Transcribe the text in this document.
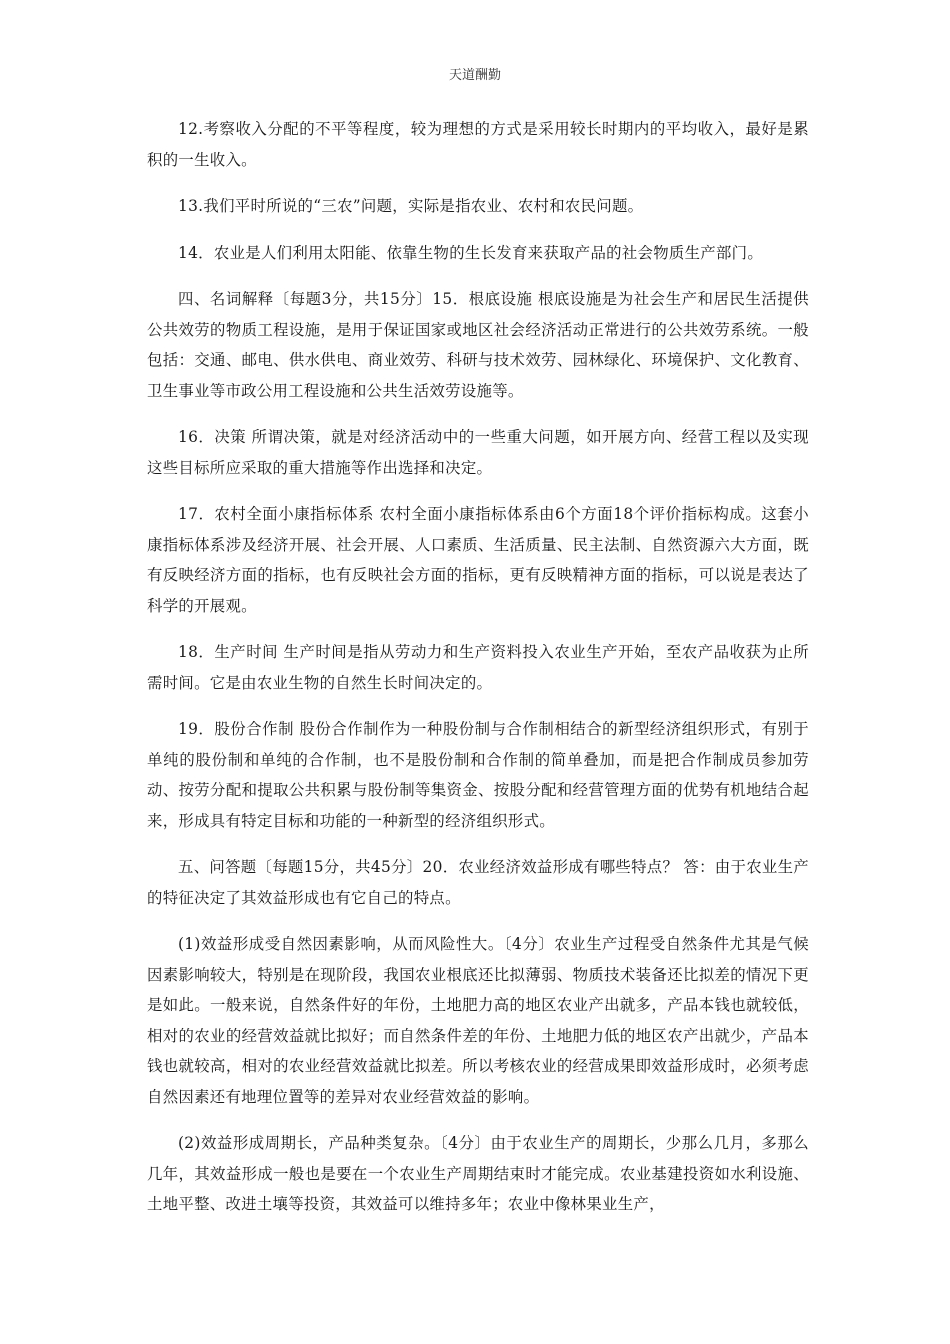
天道酬勤

12.考察收入分配的不平等程度，较为理想的方式是采用较长时期内的平均收入，最好是累积的一生收入。

13.我们平时所说的“三农”问题，实际是指农业、农村和农民问题。

14．农业是人们利用太阳能、依靠生物的生长发育来获取产品的社会物质生产部门。

四、名词解释〔每题3分，共15分〕15．根底设施 根底设施是为社会生产和居民生活提供公共效劳的物质工程设施，是用于保证国家或地区社会经济活动正常进行的公共效劳系统。一般包括：交通、邮电、供水供电、商业效劳、科研与技术效劳、园林绿化、环境保护、文化教育、卫生事业等市政公用工程设施和公共生活效劳设施等。

16．决策 所谓决策，就是对经济活动中的一些重大问题，如开展方向、经营工程以及实现这些目标所应采取的重大措施等作出选择和决定。

17．农村全面小康指标体系 农村全面小康指标体系由6个方面18个评价指标构成。这套小康指标体系涉及经济开展、社会开展、人口素质、生活质量、民主法制、自然资源六大方面，既有反映经济方面的指标，也有反映社会方面的指标，更有反映精神方面的指标，可以说是表达了科学的开展观。

18．生产时间 生产时间是指从劳动力和生产资料投入农业生产开始，至农产品收获为止所需时间。它是由农业生物的自然生长时间决定的。

19．股份合作制 股份合作制作为一种股份制与合作制相结合的新型经济组织形式，有别于单纯的股份制和单纯的合作制，也不是股份制和合作制的简单叠加，而是把合作制成员参加劳动、按劳分配和提取公共积累与股份制等集资金、按股分配和经营管理方面的优势有机地结合起来，形成具有特定目标和功能的一种新型的经济组织形式。

五、问答题〔每题15分，共45分〕20．农业经济效益形成有哪些特点？ 答：由于农业生产的特征决定了其效益形成也有它自己的特点。

(1)效益形成受自然因素影响，从而风险性大。〔4分〕农业生产过程受自然条件尤其是气候因素影响较大，特别是在现阶段，我国农业根底还比拟薄弱、物质技术装备还比拟差的情况下更是如此。一般来说，自然条件好的年份，土地肥力高的地区农业产出就多，产品本钱也就较低，相对的农业的经营效益就比拟好；而自然条件差的年份、土地肥力低的地区农产出就少，产品本钱也就较高，相对的农业经营效益就比拟差。所以考核农业的经营成果即效益形成时，必须考虑自然因素还有地理位置等的差异对农业经营效益的影响。

(2)效益形成周期长，产品种类复杂。〔4分〕由于农业生产的周期长，少那么几月，多那么几年，其效益形成一般也是要在一个农业生产周期结束时才能完成。农业基建投资如水利设施、土地平整、改进土壤等投资，其效益可以维持多年；农业中像林果业生产，
